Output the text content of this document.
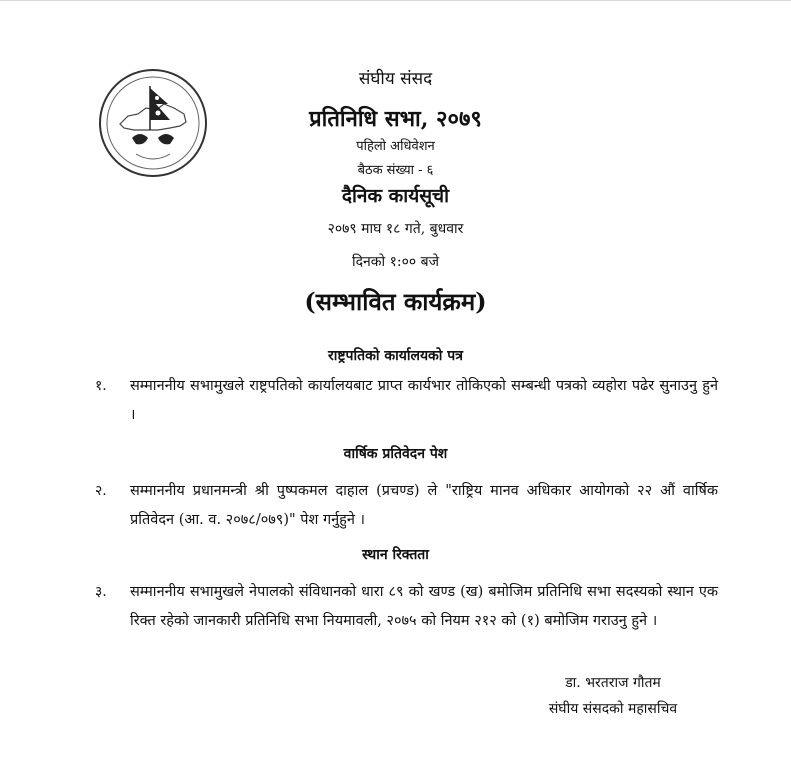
संघीय संसद
प्रतिनिधि सभा, २०७९
पहिलो अधिवेशन
बैठक संख्या - ६
दैनिक कार्यसूची
२०७९ माघ १८ गते, बुधवार
दिनको १:०० बजे
(सम्भावित कार्यक्रम)
राष्ट्रपतिको कार्यालयको पत्र
१. सम्माननीय सभामुखले राष्ट्रपतिको कार्यालयबाट प्राप्त कार्यभार तोकिएको सम्बन्धी पत्रको व्यहोरा पढेर सुनाउनु हुने ।
वार्षिक प्रतिवेदन पेश
२. सम्माननीय प्रधानमन्त्री श्री पुष्पकमल दाहाल (प्रचण्ड) ले "राष्ट्रिय मानव अधिकार आयोगको २२ औं वार्षिक प्रतिवेदन (आ. व. २०७८/०७९)" पेश गर्नुहुने ।
स्थान रिक्तता
३. सम्माननीय सभामुखले नेपालको संविधानको धारा ८९ को खण्ड (ख) बमोजिम प्रतिनिधि सभा सदस्यको स्थान एक रिक्त रहेको जानकारी प्रतिनिधि सभा नियमावली, २०७५ को नियम २१२ को (१) बमोजिम गराउनु हुने ।
डा. भरतराज गौतम
संघीय संसदको महासचिव
